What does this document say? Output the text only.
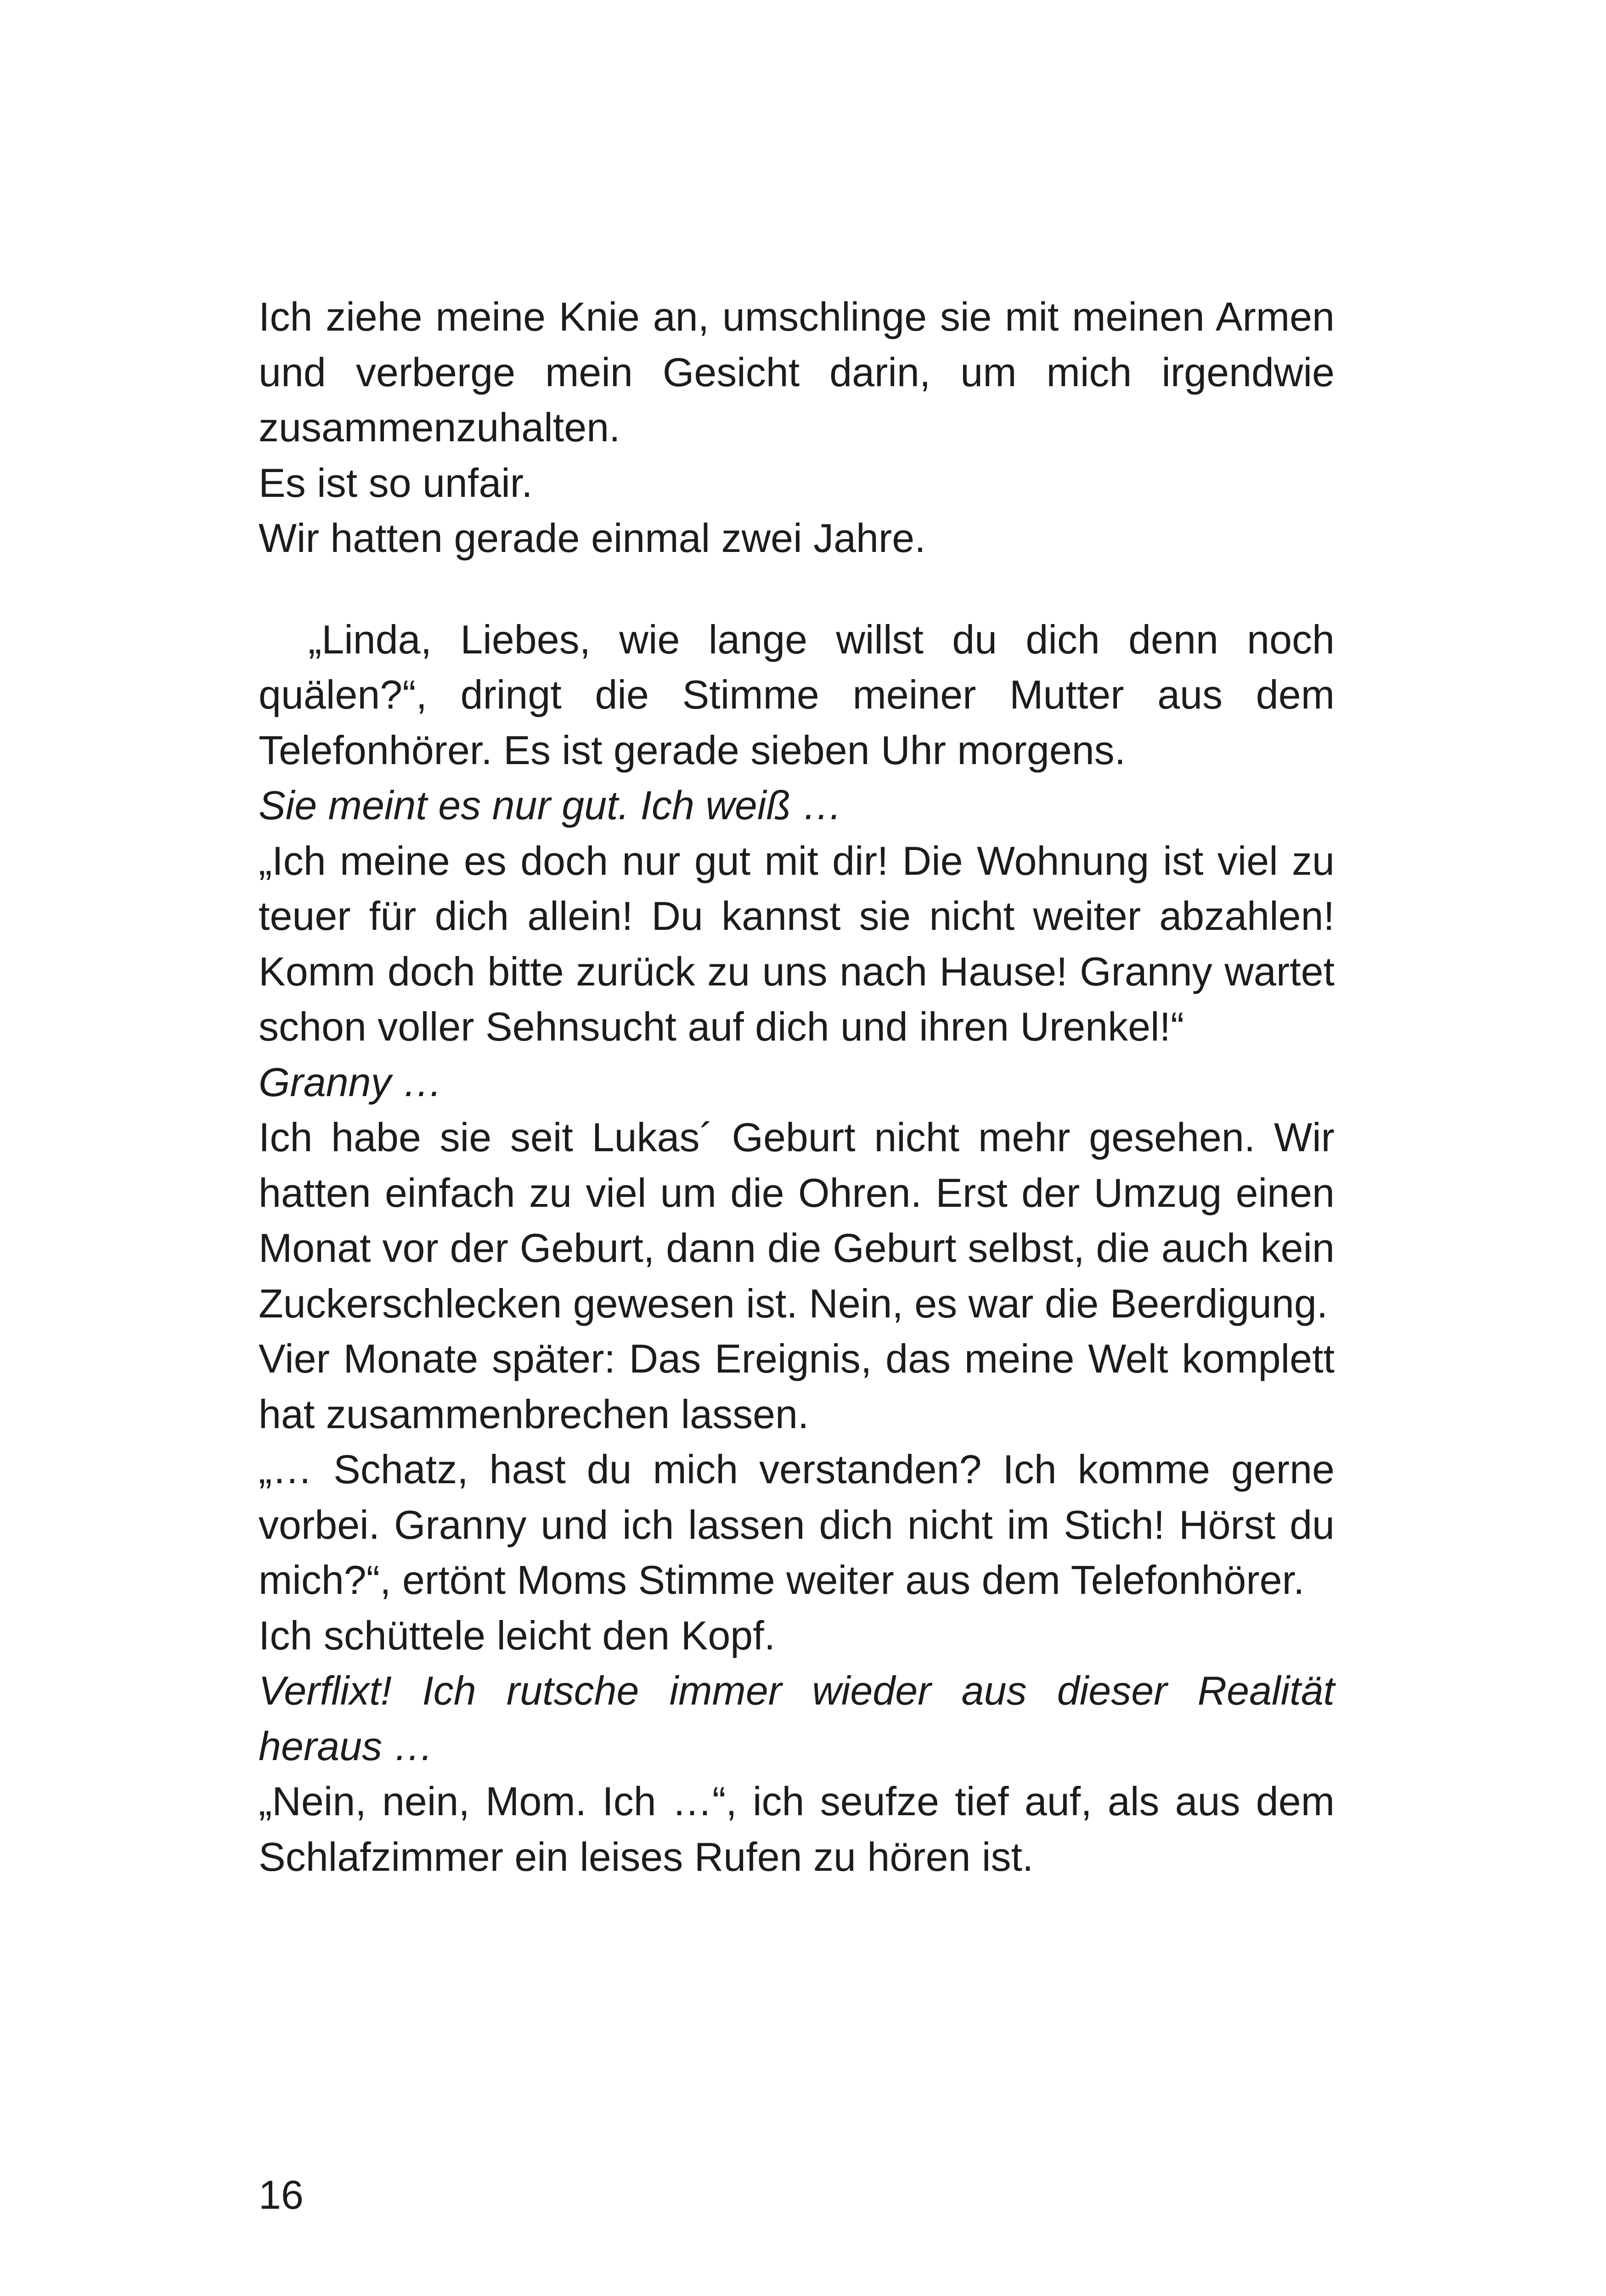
Ich ziehe meine Knie an, umschlinge sie mit meinen Armen und verberge mein Gesicht darin, um mich irgendwie zusammenzuhalten.

Es ist so unfair.

Wir hatten gerade einmal zwei Jahre.

„Linda, Liebes, wie lange willst du dich denn noch quälen?“, dringt die Stimme meiner Mutter aus dem Telefonhörer. Es ist gerade sieben Uhr morgens.

Sie meint es nur gut. Ich weiß …

„Ich meine es doch nur gut mit dir! Die Wohnung ist viel zu teuer für dich allein! Du kannst sie nicht weiter abzahlen! Komm doch bitte zurück zu uns nach Hause! Granny wartet schon voller Sehnsucht auf dich und ihren Urenkel!“

Granny …

Ich habe sie seit Lukas´ Geburt nicht mehr gesehen. Wir hatten einfach zu viel um die Ohren. Erst der Umzug einen Monat vor der Geburt, dann die Geburt selbst, die auch kein Zuckerschlecken gewesen ist. Nein, es war die Beerdigung.

Vier Monate später: Das Ereignis, das meine Welt komplett hat zusammenbrechen lassen.

„… Schatz, hast du mich verstanden? Ich komme gerne vorbei. Granny und ich lassen dich nicht im Stich! Hörst du mich?“, ertönt Moms Stimme weiter aus dem Telefonhörer.

Ich schüttele leicht den Kopf.

Verflixt! Ich rutsche immer wieder aus dieser Realität heraus …

„Nein, nein, Mom. Ich …“, ich seufze tief auf, als aus dem Schlafzimmer ein leises Rufen zu hören ist.

16
